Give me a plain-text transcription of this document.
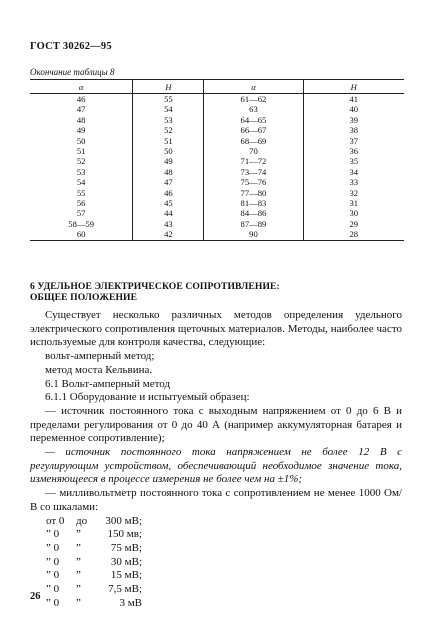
ГОСТ 30262—95
Окончание таблицы 8
α	H	α	H
46	55	61—62	41
47	54	63	40
48	53	64—65	39
49	52	66—67	38
50	51	68—69	37
51	50	70	36
52	49	71—72	35
53	48	73—74	34
54	47	75—76	33
55	46	77—80	32
56	45	81—83	31
57	44	84—86	30
58—59	43	87—89	29
60	42	90	28
6 УДЕЛЬНОЕ ЭЛЕКТРИЧЕСКОЕ СОПРОТИВЛЕНИЕ:
ОБЩЕЕ ПОЛОЖЕНИЕ

Существует несколько различных методов определения удельного электрического сопротивления щеточных материалов. Методы, наиболее часто используемые для контроля качества, следующие:

вольт-амперный метод;

метод моста Кельвина.

6.1 Вольт-амперный метод

6.1.1 Оборудование и испытуемый образец:

— источник постоянного тока с выходным напряжением от 0 до 6 В и пределами регулирования от 0 до 40 А (например аккумуляторная батарея и переменное сопротивление);

— источник постоянного тока напряжением не более 12 В с регулирующим устройством, обеспечивающий необходимое значение тока, изменяющееся в процессе измерения не более чем на ±1%;

— милливольтметр постоянного тока с сопротивлением не менее 1000 Ом/В со шкалами:

от 0 до	300 мВ;
” 0 ”	150 мв;
” 0 ”	75 мВ;
” 0 ”	30 мВ;
” 0 ”	15 мВ;
” 0 ”	7,5 мВ;
” 0 ”	3 мВ
26
